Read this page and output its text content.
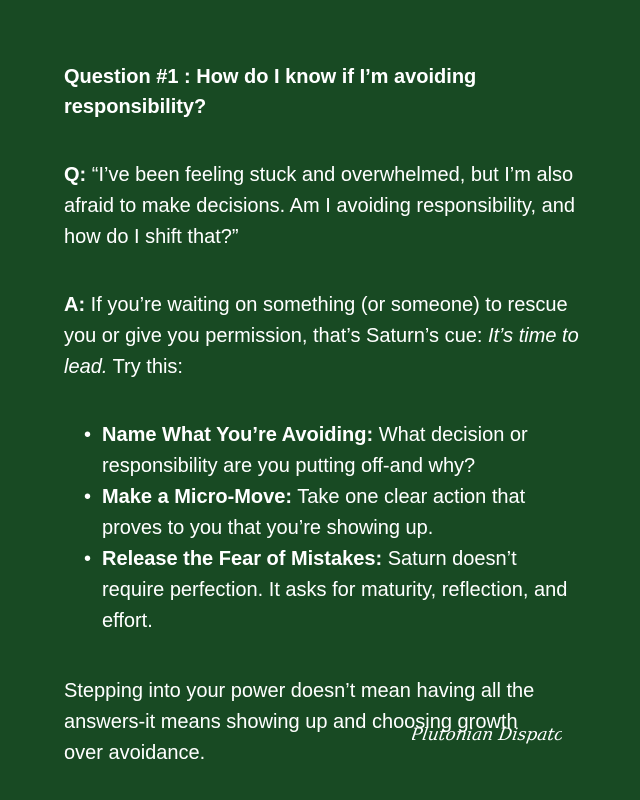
Question #1 : How do I know if I’m avoiding responsibility?

Q: “I’ve been feeling stuck and overwhelmed, but I’m also afraid to make decisions. Am I avoiding responsibility, and how do I shift that?”

A: If you’re waiting on something (or someone) to rescue you or give you permission, that’s Saturn’s cue: It’s time to lead. Try this:

• Name What You’re Avoiding: What decision or responsibility are you putting off-and why?
• Make a Micro-Move: Take one clear action that proves to you that you’re showing up.
• Release the Fear of Mistakes: Saturn doesn’t require perfection. It asks for maturity, reflection, and effort.

Stepping into your power doesn’t mean having all the answers-it means showing up and choosing growth over avoidance.

Plutonian Dispatch
